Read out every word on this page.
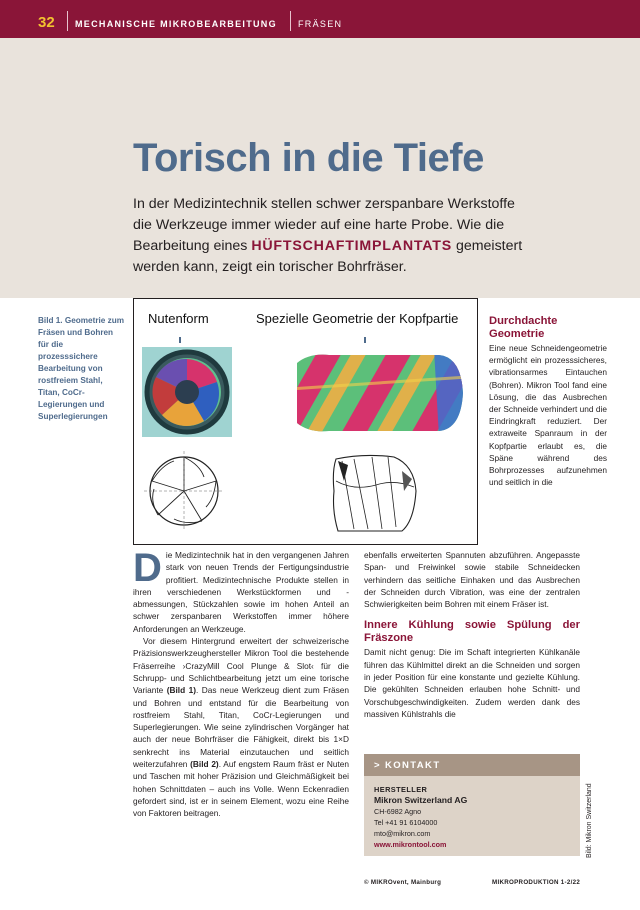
32 MECHANISCHE MIKROBEARBEITUNG FRÄSEN
Torisch in die Tiefe
In der Medizintechnik stellen schwer zerspanbare Werkstoffe die Werkzeuge immer wieder auf eine harte Probe. Wie die Bearbeitung eines HÜFTSCHAFTIMPLANTATS gemeistert werden kann, zeigt ein torischer Bohrfräser.
Bild 1. Geometrie zum Fräsen und Bohren für die prozesssichere Bearbeitung von rostfreiem Stahl, Titan, CoCr-Legierungen und Superlegierungen
Nutenform	Spezielle Geometrie der Kopfpartie	Durchdachte Geometrie
Eine neue Schneidengeometrie ermöglicht ein prozesssicheres, vibrationsarmes Eintauchen (Bohren). Mikron Tool fand eine Lösung, die das Ausbrechen der Schneide verhindert und die Eindringkraft reduziert. Der extraweite Spanraum in der Kopfpartie erlaubt es, die Späne während des Bohrprozesses aufzunehmen und seitlich in die

Die Medizintechnik hat in den vergangenen Jahren stark von neuen Trends der Fertigungsindustrie profitiert. Medizintechnische Produkte stellen in ihren verschiedenen Werkstückformen und -abmessungen, Stückzahlen sowie im hohen Anteil an schwer zerspanbaren Werkstoffen immer höhere Anforderungen an Werkzeuge.

Vor diesem Hintergrund erweitert der schweizerische Präzisionswerkzeughersteller Mikron Tool die bestehende Fräserreihe ›CrazyMill Cool Plunge & Slot‹ für die Schrupp- und Schlichtbearbeitung jetzt um eine torische Variante (Bild 1). Das neue Werkzeug dient zum Fräsen und Bohren und entstand für die Bearbeitung von rostfreiem Stahl, Titan, CoCr-Legierungen und Superlegierungen. Wie seine zylindrischen Vorgänger hat auch der neue Bohrfräser die Fähigkeit, direkt bis 1×D senkrecht ins Material einzutauchen und seitlich weiterzufahren (Bild 2). Auf engstem Raum fräst er Nuten und Taschen mit hoher Präzision und Gleichmäßigkeit bei hohen Schnittdaten – auch ins Volle. Wenn Eckenradien gefordert sind, ist er in seinem Element, wozu eine Reihe von Faktoren beitragen.

ebenfalls erweiterten Spannuten abzuführen. Angepasste Span- und Freiwinkel sowie stabile Schneidecken verhindern das seitliche Einhaken und das Ausbrechen der Schneiden durch Vibration, was eine der zentralen Schwierigkeiten beim Bohren mit einem Fräser ist.

Innere Kühlung sowie Spülung der Fräszone

Damit nicht genug: Die im Schaft integrierten Kühlkanäle führen das Kühlmittel direkt an die Schneiden und sorgen in jeder Position für eine konstante und gezielte Kühlung. Die gekühlten Schneiden erlauben hohe Schnitt- und Vorschubgeschwindigkeiten. Zudem werden dank des massiven Kühlstrahls die

> KONTAKT
HERSTELLER
Mikron Switzerland AG
CH-6982 Agno
Tel +41 91 6104000
mto@mikron.com
www.mikrontool.com	Bild: Mikron Switzerland
© MIKROvent, Mainburg	MIKROPRODUKTION 1-2/22
